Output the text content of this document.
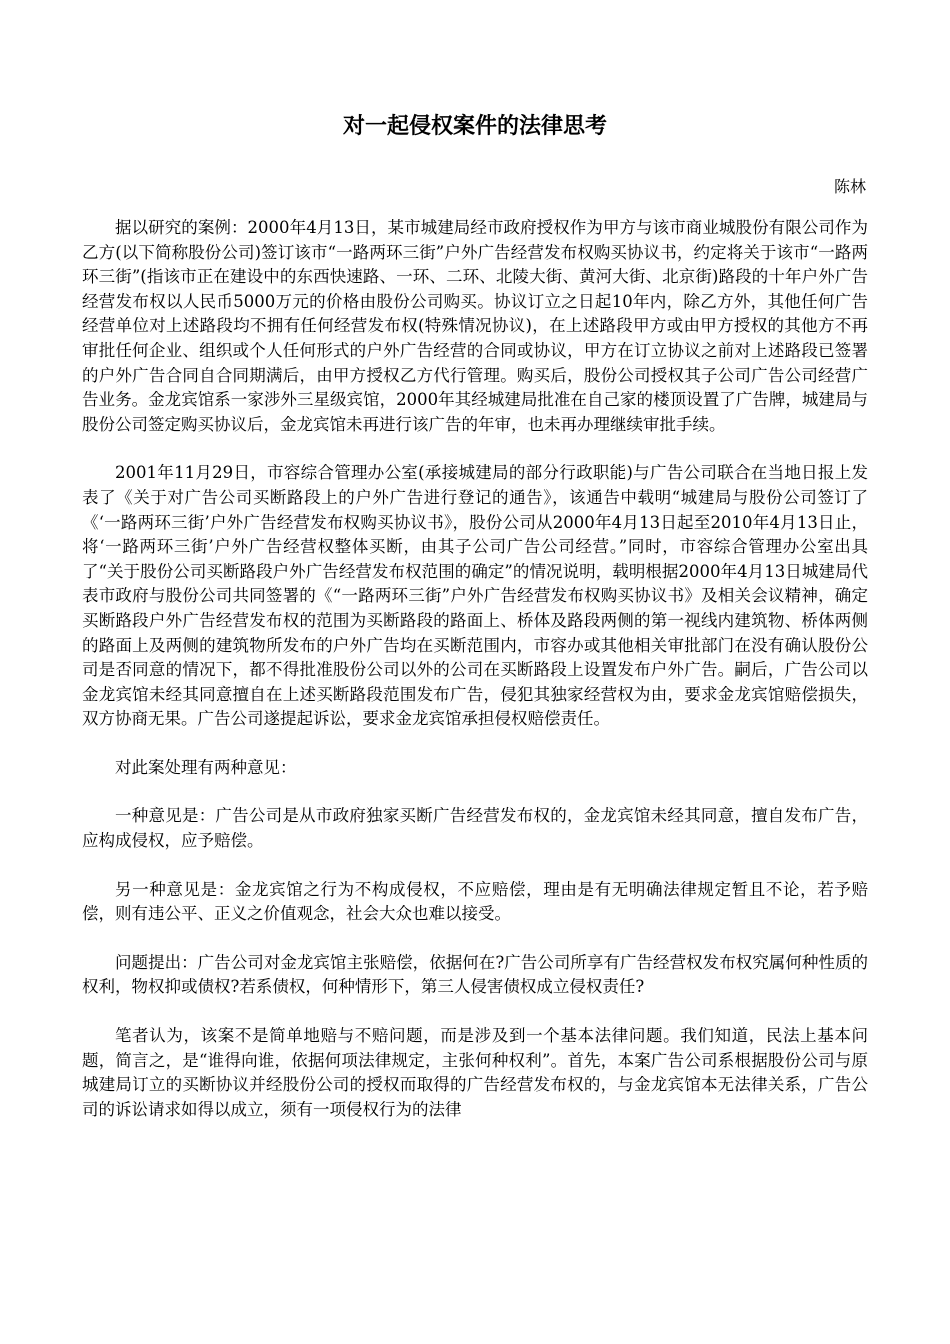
对一起侵权案件的法律思考
陈林

据以研究的案例：2000年4月13日，某市城建局经市政府授权作为甲方与该市商业城股份有限公司作为乙方(以下简称股份公司)签订该市“一路两环三街”户外广告经营发布权购买协议书，约定将关于该市“一路两环三街”(指该市正在建设中的东西快速路、一环、二环、北陵大街、黄河大街、北京街)路段的十年户外广告经营发布权以人民币5000万元的价格由股份公司购买。协议订立之日起10年内，除乙方外，其他任何广告经营单位对上述路段均不拥有任何经营发布权(特殊情况协议)，在上述路段甲方或由甲方授权的其他方不再审批任何企业、组织或个人任何形式的户外广告经营的合同或协议，甲方在订立协议之前对上述路段已签署的户外广告合同自合同期满后，由甲方授权乙方代行管理。购买后，股份公司授权其子公司广告公司经营广告业务。金龙宾馆系一家涉外三星级宾馆，2000年其经城建局批准在自己家的楼顶设置了广告牌，城建局与股份公司签定购买协议后，金龙宾馆未再进行该广告的年审，也未再办理继续审批手续。

2001年11月29日，市容综合管理办公室(承接城建局的部分行政职能)与广告公司联合在当地日报上发表了《关于对广告公司买断路段上的户外广告进行登记的通告》，该通告中载明“城建局与股份公司签订了《‘一路两环三街’户外广告经营发布权购买协议书》，股份公司从2000年4月13日起至2010年4月13日止，将‘一路两环三街’户外广告经营权整体买断，由其子公司广告公司经营。”同时，市容综合管理办公室出具了“关于股份公司买断路段户外广告经营发布权范围的确定”的情况说明，载明根据2000年4月13日城建局代表市政府与股份公司共同签署的《“一路两环三街”户外广告经营发布权购买协议书》及相关会议精神，确定买断路段户外广告经营发布权的范围为买断路段的路面上、桥体及路段两侧的第一视线内建筑物、桥体两侧的路面上及两侧的建筑物所发布的户外广告均在买断范围内，市容办或其他相关审批部门在没有确认股份公司是否同意的情况下，都不得批准股份公司以外的公司在买断路段上设置发布户外广告。嗣后，广告公司以金龙宾馆未经其同意擅自在上述买断路段范围发布广告，侵犯其独家经营权为由，要求金龙宾馆赔偿损失，双方协商无果。广告公司遂提起诉讼，要求金龙宾馆承担侵权赔偿责任。

对此案处理有两种意见：

一种意见是：广告公司是从市政府独家买断广告经营发布权的，金龙宾馆未经其同意，擅自发布广告，应构成侵权，应予赔偿。

另一种意见是：金龙宾馆之行为不构成侵权，不应赔偿，理由是有无明确法律规定暂且不论，若予赔偿，则有违公平、正义之价值观念，社会大众也难以接受。

问题提出：广告公司对金龙宾馆主张赔偿，依据何在?广告公司所享有广告经营权发布权究属何种性质的权利，物权抑或债权?若系债权，何种情形下，第三人侵害债权成立侵权责任?

笔者认为，该案不是简单地赔与不赔问题，而是涉及到一个基本法律问题。我们知道，民法上基本问题，简言之，是“谁得向谁，依据何项法律规定，主张何种权利”。首先，本案广告公司系根据股份公司与原城建局订立的买断协议并经股份公司的授权而取得的广告经营发布权的，与金龙宾馆本无法律关系，广告公司的诉讼请求如得以成立，须有一项侵权行为的法律
